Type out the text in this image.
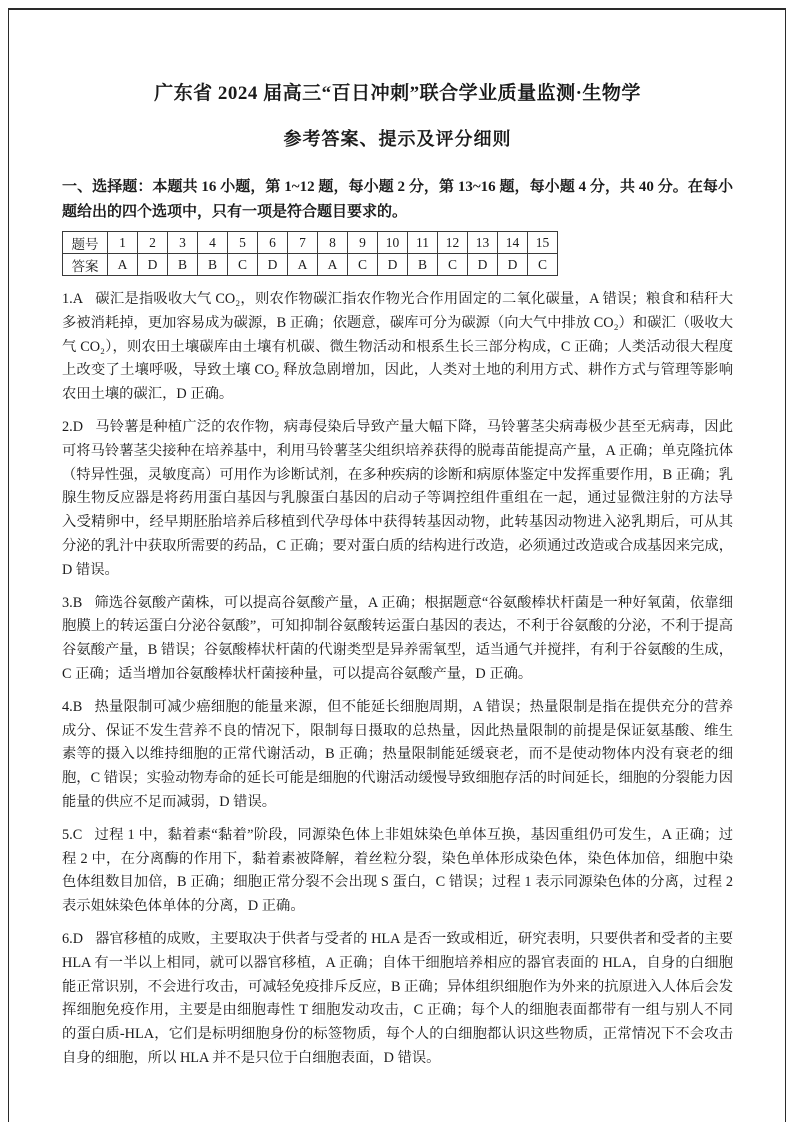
广东省 2024 届高三“百日冲刺”联合学业质量监测·生物学
参考答案、提示及评分细则
一、选择题：本题共 16 小题，第 1~12 题，每小题 2 分，第 13~16 题，每小题 4 分，共 40 分。在每小题给出的四个选项中，只有一项是符合题目要求的。
题号	1	2	3	4	5	6	7	8	9	10	11	12	13	14	15
答案	A	D	B	B	C	D	A	A	C	D	B	C	D	D	C

1.A 碳汇是指吸收大气 CO₂，则农作物碳汇指农作物光合作用固定的二氧化碳量，A 错误；粮食和秸秆大多被消耗掉，更加容易成为碳源，B 正确；依题意，碳库可分为碳源（向大气中排放 CO₂）和碳汇（吸收大气 CO₂），则农田土壤碳库由土壤有机碳、微生物活动和根系生长三部分构成，C 正确；人类活动很大程度上改变了土壤呼吸，导致土壤 CO₂ 释放急剧增加，因此，人类对土地的利用方式、耕作方式与管理等影响农田土壤的碳汇，D 正确。

2.D 马铃薯是种植广泛的农作物，病毒侵染后导致产量大幅下降，马铃薯茎尖病毒极少甚至无病毒，因此可将马铃薯茎尖接种在培养基中，利用马铃薯茎尖组织培养获得的脱毒苗能提高产量，A 正确；单克隆抗体（特异性强，灵敏度高）可用作为诊断试剂，在多种疾病的诊断和病原体鉴定中发挥重要作用，B 正确；乳腺生物反应器是将药用蛋白基因与乳腺蛋白基因的启动子等调控组件重组在一起，通过显微注射的方法导入受精卵中，经早期胚胎培养后移植到代孕母体中获得转基因动物，此转基因动物进入泌乳期后，可从其分泌的乳汁中获取所需要的药品，C 正确；要对蛋白质的结构进行改造，必须通过改造或合成基因来完成，D 错误。

3.B 筛选谷氨酸产菌株，可以提高谷氨酸产量，A 正确；根据题意“谷氨酸棒状杆菌是一种好氧菌，依靠细胞膜上的转运蛋白分泌谷氨酸”，可知抑制谷氨酸转运蛋白基因的表达，不利于谷氨酸的分泌，不利于提高谷氨酸产量，B 错误；谷氨酸棒状杆菌的代谢类型是异养需氧型，适当通气并搅拌，有利于谷氨酸的生成，C 正确；适当增加谷氨酸棒状杆菌接种量，可以提高谷氨酸产量，D 正确。

4.B 热量限制可减少癌细胞的能量来源，但不能延长细胞周期，A 错误；热量限制是指在提供充分的营养成分、保证不发生营养不良的情况下，限制每日摄取的总热量，因此热量限制的前提是保证氨基酸、维生素等的摄入以维持细胞的正常代谢活动，B 正确；热量限制能延缓衰老，而不是使动物体内没有衰老的细胞，C 错误；实验动物寿命的延长可能是细胞的代谢活动缓慢导致细胞存活的时间延长，细胞的分裂能力因能量的供应不足而减弱，D 错误。

5.C 过程 1 中，黏着素“黏着”阶段，同源染色体上非姐妹染色单体互换，基因重组仍可发生，A 正确；过程 2 中，在分离酶的作用下，黏着素被降解，着丝粒分裂，染色单体形成染色体，染色体加倍，细胞中染色体组数目加倍，B 正确；细胞正常分裂不会出现 S 蛋白，C 错误；过程 1 表示同源染色体的分离，过程 2 表示姐妹染色体单体的分离，D 正确。

6.D 器官移植的成败，主要取决于供者与受者的 HLA 是否一致或相近，研究表明，只要供者和受者的主要 HLA 有一半以上相同，就可以器官移植，A 正确；自体干细胞培养相应的器官表面的 HLA，自身的白细胞能正常识别，不会进行攻击，可减轻免疫排斥反应，B 正确；异体组织细胞作为外来的抗原进入人体后会发挥细胞免疫作用，主要是由细胞毒性 T 细胞发动攻击，C 正确；每个人的细胞表面都带有一组与别人不同的蛋白质-HLA，它们是标明细胞身份的标签物质，每个人的白细胞都认识这些物质，正常情况下不会攻击自身的细胞，所以 HLA 并不是只位于白细胞表面，D 错误。
